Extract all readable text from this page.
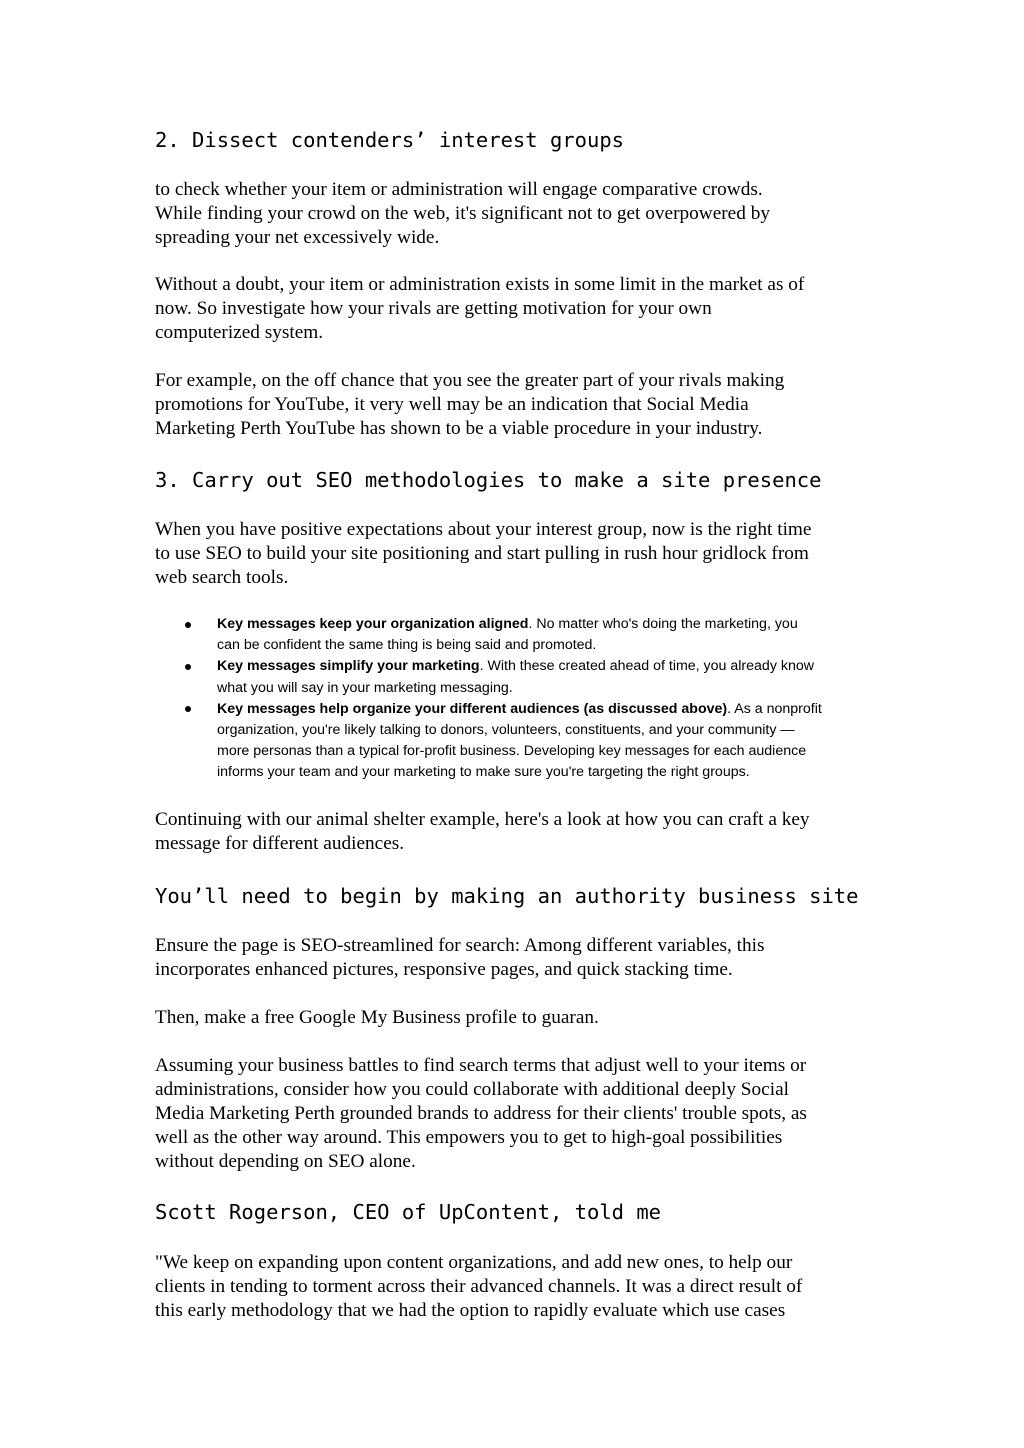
2. Dissect contenders’ interest groups
to check whether your item or administration will engage comparative crowds.
While finding your crowd on the web, it's significant not to get overpowered by
spreading your net excessively wide.
Without a doubt, your item or administration exists in some limit in the market as of
now. So investigate how your rivals are getting motivation for your own
computerized system.
For example, on the off chance that you see the greater part of your rivals making
promotions for YouTube, it very well may be an indication that Social Media
Marketing Perth YouTube has shown to be a viable procedure in your industry.
3. Carry out SEO methodologies to make a site presence
When you have positive expectations about your interest group, now is the right time
to use SEO to build your site positioning and start pulling in rush hour gridlock from
web search tools.
Key messages keep your organization aligned. No matter who's doing the marketing, you
can be confident the same thing is being said and promoted.
Key messages simplify your marketing. With these created ahead of time, you already know
what you will say in your marketing messaging.
Key messages help organize your different audiences (as discussed above). As a nonprofit
organization, you're likely talking to donors, volunteers, constituents, and your community —
more personas than a typical for-profit business. Developing key messages for each audience
informs your team and your marketing to make sure you're targeting the right groups.
Continuing with our animal shelter example, here's a look at how you can craft a key
message for different audiences.
You’ll need to begin by making an authority business site
Ensure the page is SEO-streamlined for search: Among different variables, this
incorporates enhanced pictures, responsive pages, and quick stacking time.
Then, make a free Google My Business profile to guaran.
Assuming your business battles to find search terms that adjust well to your items or
administrations, consider how you could collaborate with additional deeply Social
Media Marketing Perth grounded brands to address for their clients' trouble spots, as
well as the other way around. This empowers you to get to high-goal possibilities
without depending on SEO alone.
Scott Rogerson, CEO of UpContent, told me
"We keep on expanding upon content organizations, and add new ones, to help our
clients in tending to torment across their advanced channels. It was a direct result of
this early methodology that we had the option to rapidly evaluate which use cases
